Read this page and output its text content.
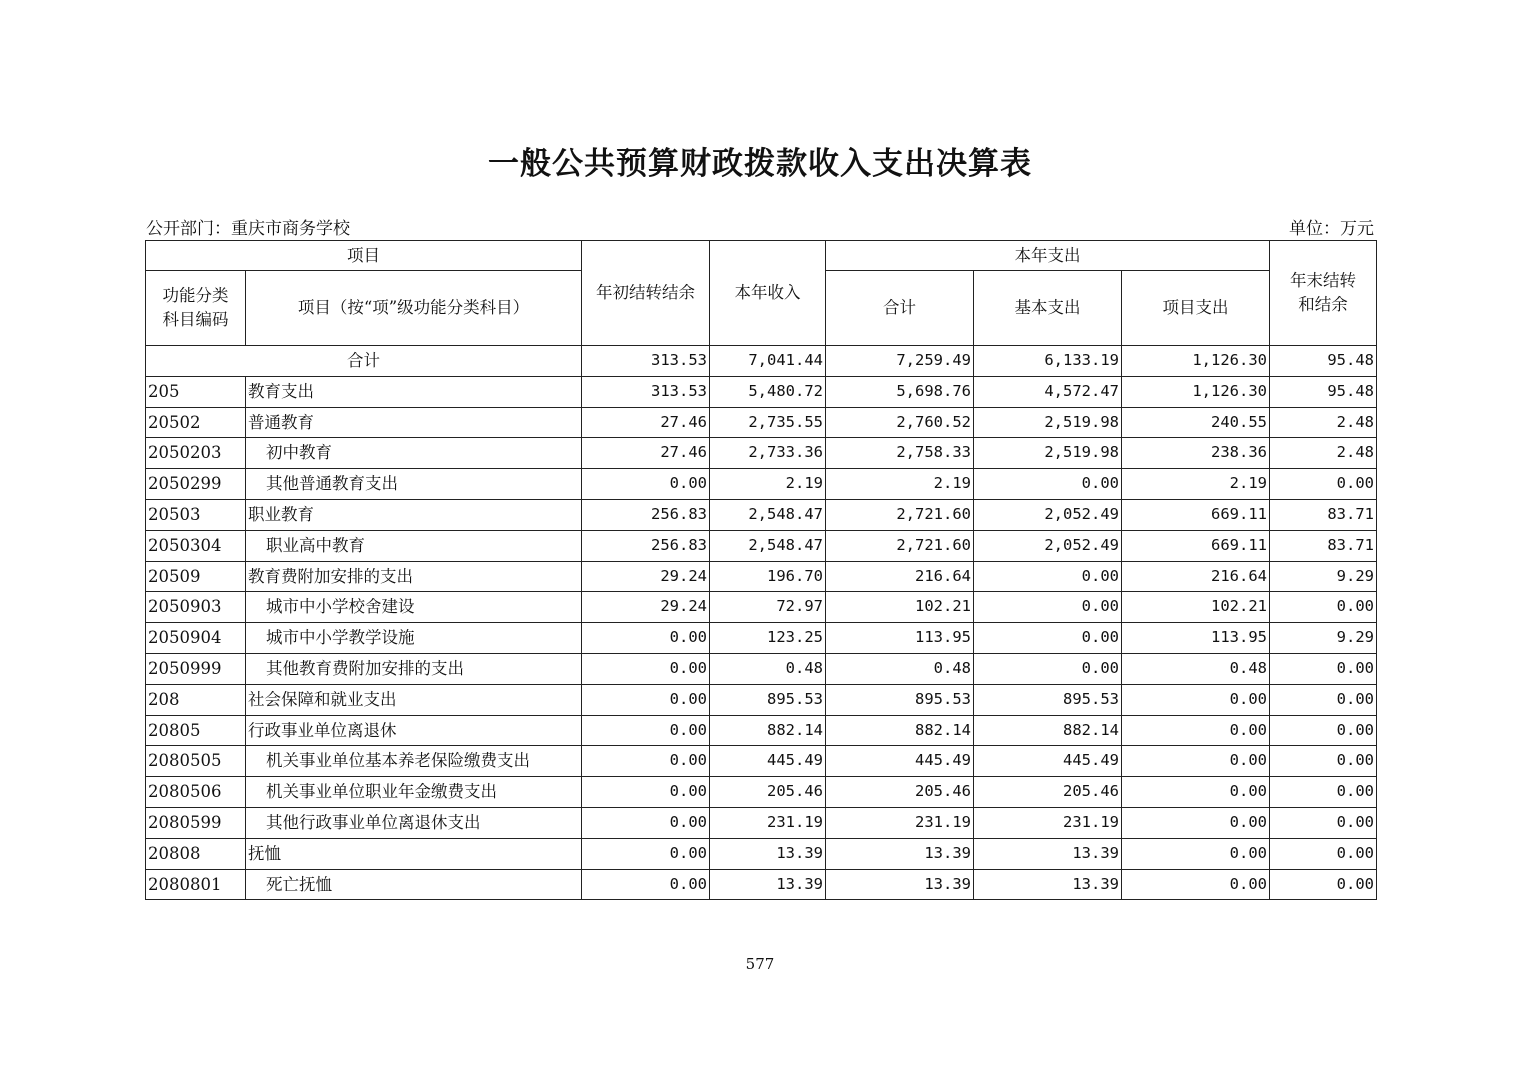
一般公共预算财政拨款收入支出决算表
公开部门：重庆市商务学校	单位：万元
项目		年初结转结余	本年收入	本年支出			年末结转
和结余
功能分类
科目编码	项目（按“项”级功能分类科目）			合计	基本支出	项目支出	
合计		313.53	7,041.44	7,259.49	6,133.19	1,126.30	95.48
205	教育支出	313.53	5,480.72	5,698.76	4,572.47	1,126.30	95.48
20502	普通教育	27.46	2,735.55	2,760.52	2,519.98	240.55	2.48
2050203	初中教育	27.46	2,733.36	2,758.33	2,519.98	238.36	2.48
2050299	其他普通教育支出	0.00	2.19	2.19	0.00	2.19	0.00
20503	职业教育	256.83	2,548.47	2,721.60	2,052.49	669.11	83.71
2050304	职业高中教育	256.83	2,548.47	2,721.60	2,052.49	669.11	83.71
20509	教育费附加安排的支出	29.24	196.70	216.64	0.00	216.64	9.29
2050903	城市中小学校舍建设	29.24	72.97	102.21	0.00	102.21	0.00
2050904	城市中小学教学设施	0.00	123.25	113.95	0.00	113.95	9.29
2050999	其他教育费附加安排的支出	0.00	0.48	0.48	0.00	0.48	0.00
208	社会保障和就业支出	0.00	895.53	895.53	895.53	0.00	0.00
20805	行政事业单位离退休	0.00	882.14	882.14	882.14	0.00	0.00
2080505	机关事业单位基本养老保险缴费支出	0.00	445.49	445.49	445.49	0.00	0.00
2080506	机关事业单位职业年金缴费支出	0.00	205.46	205.46	205.46	0.00	0.00
2080599	其他行政事业单位离退休支出	0.00	231.19	231.19	231.19	0.00	0.00
20808	抚恤	0.00	13.39	13.39	13.39	0.00	0.00
2080801	死亡抚恤	0.00	13.39	13.39	13.39	0.00	0.00
577
